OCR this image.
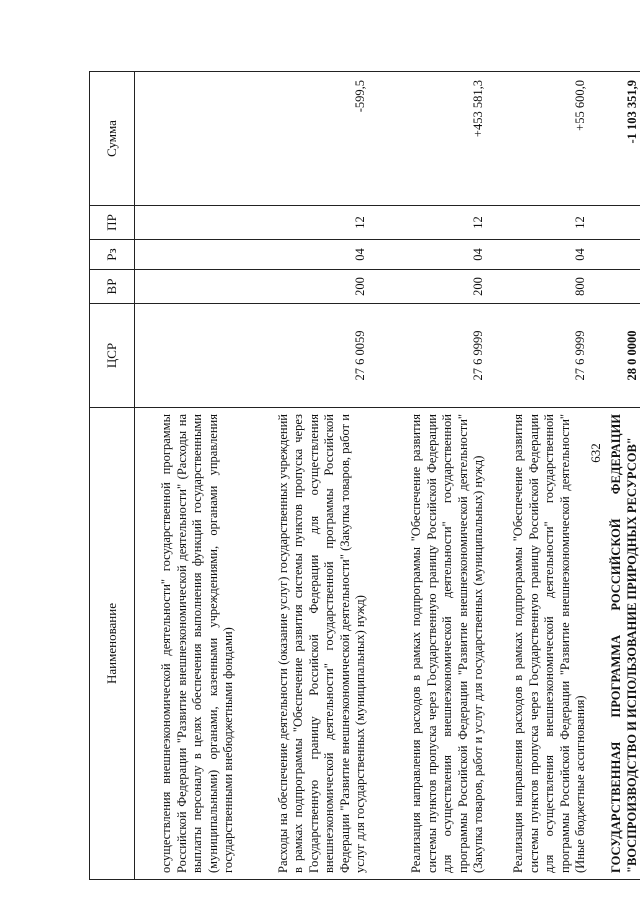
632
Наименование	ЦСР	ВР	Рз	ПР	Сумма
осуществления внешнеэкономической деятельности" государственной программы Российской Федерации "Развитие внешнеэкономической деятельности" (Расходы на выплаты персоналу в целях обеспечения выполнения функций государственными (муниципальными) органами, казенными учреждениями, органами управления государственными внебюджетными фондами)					
Расходы на обеспечение деятельности (оказание услуг) государственных учреждений в рамках подпрограммы "Обеспечение развития системы пунктов пропуска через Государственную границу Российской Федерации для осуществления внешнеэкономической деятельности" государственной программы Российской Федерации "Развитие внешнеэкономической деятельности" (Закупка товаров, работ и услуг для государственных (муниципальных) нужд)	27 6 0059	200	04	12	-599,5
Реализация направления расходов в рамках подпрограммы "Обеспечение развития системы пунктов пропуска через Государственную границу Российской Федерации для осуществления внешнеэкономической деятельности" государственной программы Российской Федерации "Развитие внешнеэкономической деятельности" (Закупка товаров, работ и услуг для государственных (муниципальных) нужд)	27 6 9999	200	04	12	+453 581,3
Реализация направления расходов в рамках подпрограммы "Обеспечение развития системы пунктов пропуска через Государственную границу Российской Федерации для осуществления внешнеэкономической деятельности" государственной программы Российской Федерации "Развитие внешнеэкономической деятельности" (Иные бюджетные ассигнования)	27 6 9999	800	04	12	+55 600,0
ГОСУДАРСТВЕННАЯ ПРОГРАММА РОССИЙСКОЙ ФЕДЕРАЦИИ "ВОСПРОИЗВОДСТВО И ИСПОЛЬЗОВАНИЕ ПРИРОДНЫХ РЕСУРСОВ"	28 0 0000				-1 103 351,9
